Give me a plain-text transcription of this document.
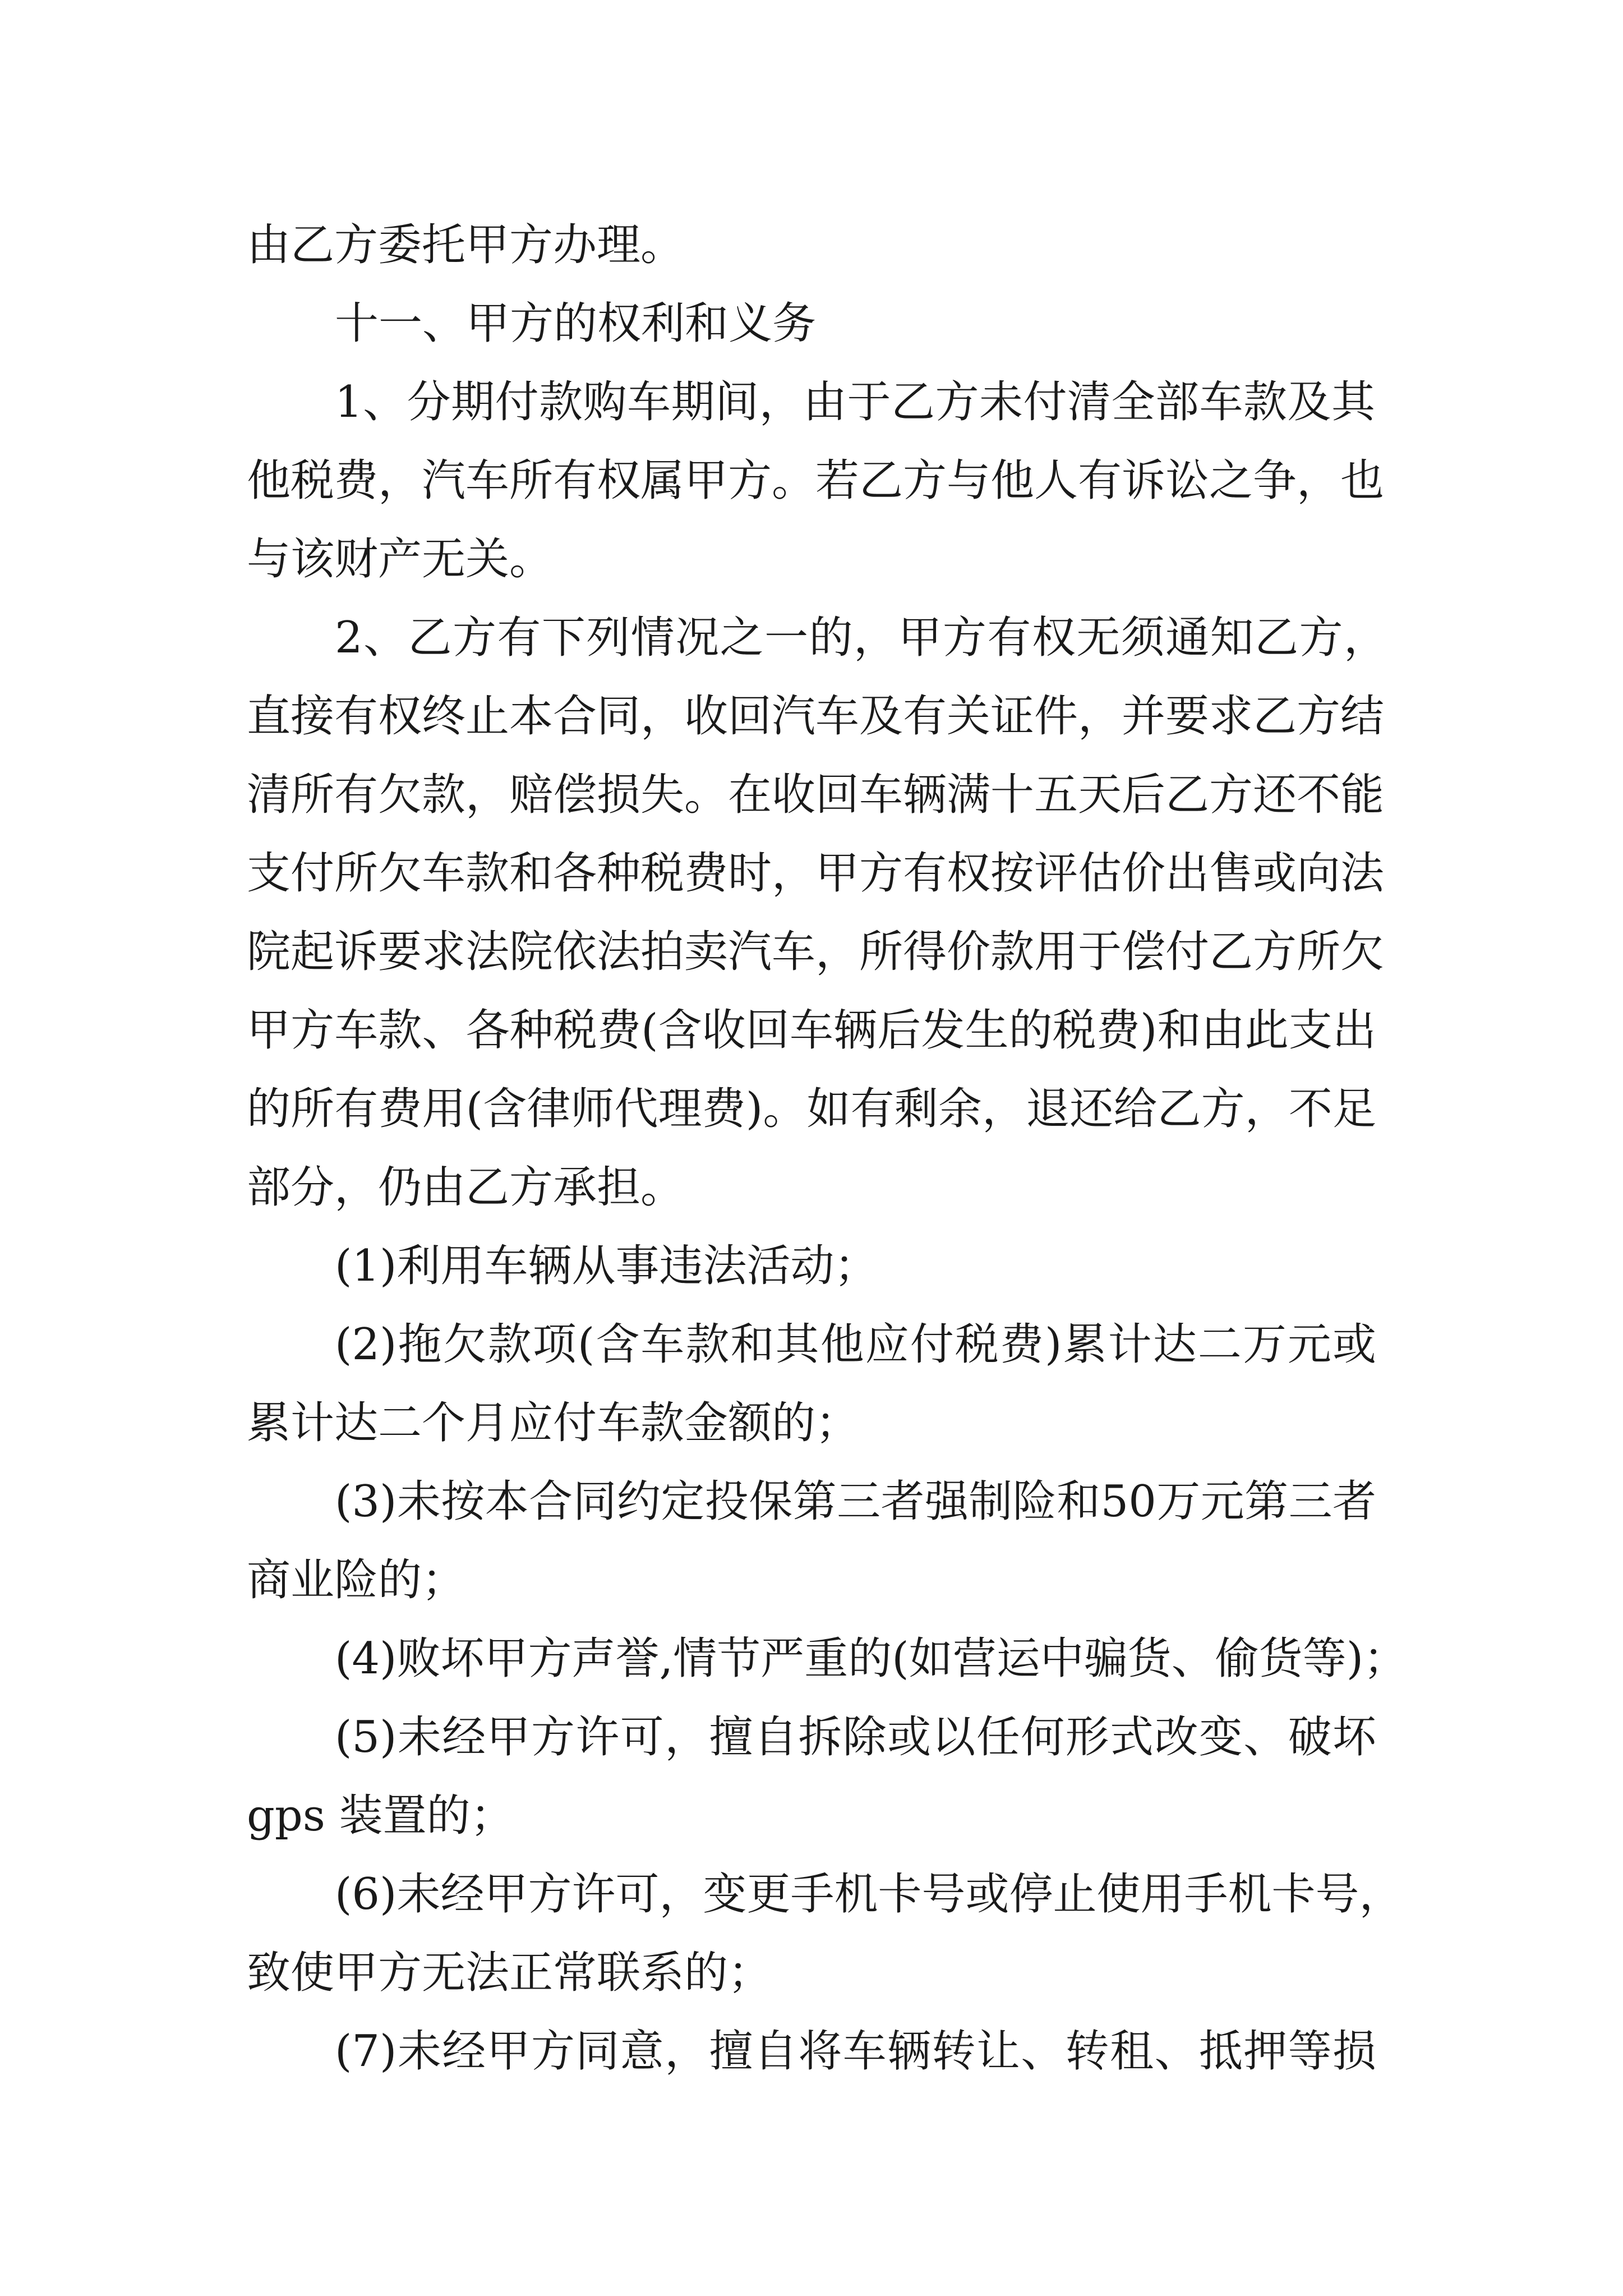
由乙方委托甲方办理。
十一、甲方的权利和义务
1、分期付款购车期间，由于乙方未付清全部车款及其
他税费，汽车所有权属甲方。若乙方与他人有诉讼之争，也
与该财产无关。
2、乙方有下列情况之一的，甲方有权无须通知乙方，
直接有权终止本合同，收回汽车及有关证件，并要求乙方结
清所有欠款，赔偿损失。在收回车辆满十五天后乙方还不能
支付所欠车款和各种税费时，甲方有权按评估价出售或向法
院起诉要求法院依法拍卖汽车，所得价款用于偿付乙方所欠
甲方车款、各种税费(含收回车辆后发生的税费)和由此支出
的所有费用(含律师代理费)。如有剩余，退还给乙方，不足
部分，仍由乙方承担。
(1)利用车辆从事违法活动；
(2)拖欠款项(含车款和其他应付税费)累计达二万元或
累计达二个月应付车款金额的；
(3)未按本合同约定投保第三者强制险和50万元第三者
商业险的；
(4)败坏甲方声誉,情节严重的(如营运中骗货、偷货等)；
(5)未经甲方许可，擅自拆除或以任何形式改变、破坏
gps 装置的；
(6)未经甲方许可，变更手机卡号或停止使用手机卡号，
致使甲方无法正常联系的；
(7)未经甲方同意，擅自将车辆转让、转租、抵押等损
